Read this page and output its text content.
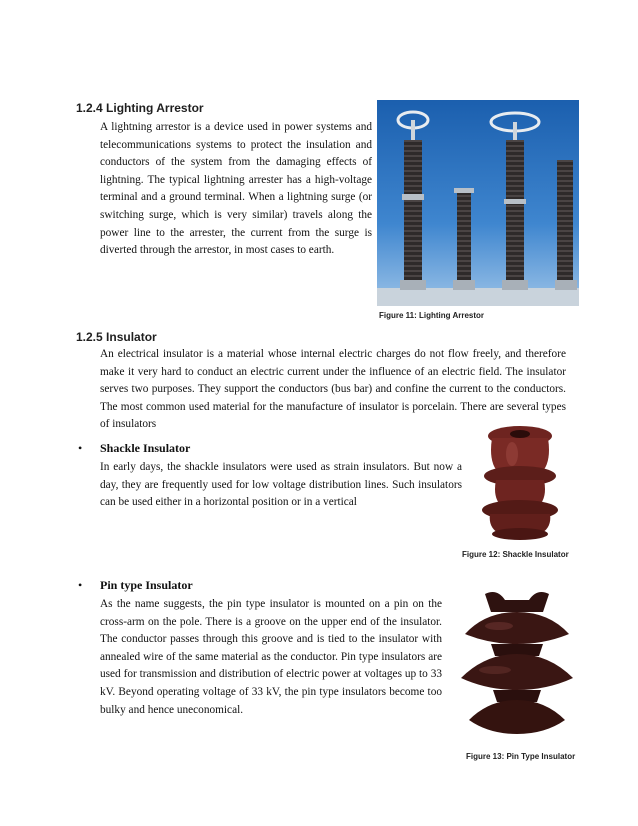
1.2.4 Lighting Arrestor
A lightning arrestor is a device used in power systems and telecommunications systems to protect the insulation and conductors of the system from the damaging effects of lightning. The typical lightning arrester has a high-voltage terminal and a ground terminal. When a lightning surge (or switching surge, which is very similar) travels along the power line to the arrester, the current from the surge is diverted through the arrestor, in most cases to earth.
Figure 11: Lighting Arrestor
1.2.5 Insulator
An electrical insulator is a material whose internal electric charges do not flow freely, and therefore make it very hard to conduct an electric current under the influence of an electric field. The insulator serves two purposes. They support the conductors (bus bar) and confine the current to the conductors. The most common used material for the manufacture of insulator is porcelain. There are several types of insulators
• Shackle Insulator
In early days, the shackle insulators were used as strain insulators. But now a day, they are frequently used for low voltage distribution lines. Such insulators can be used either in a horizontal position or in a vertical
Figure 12: Shackle Insulator
• Pin type Insulator
As the name suggests, the pin type insulator is mounted on a pin on the cross-arm on the pole. There is a groove on the upper end of the insulator. The conductor passes through this groove and is tied to the insulator with annealed wire of the same material as the conductor. Pin type insulators are used for transmission and distribution of electric power at voltages up to 33 kV. Beyond operating voltage of 33 kV, the pin type insulators become too bulky and hence uneconomical.
Figure 13: Pin Type Insulator
